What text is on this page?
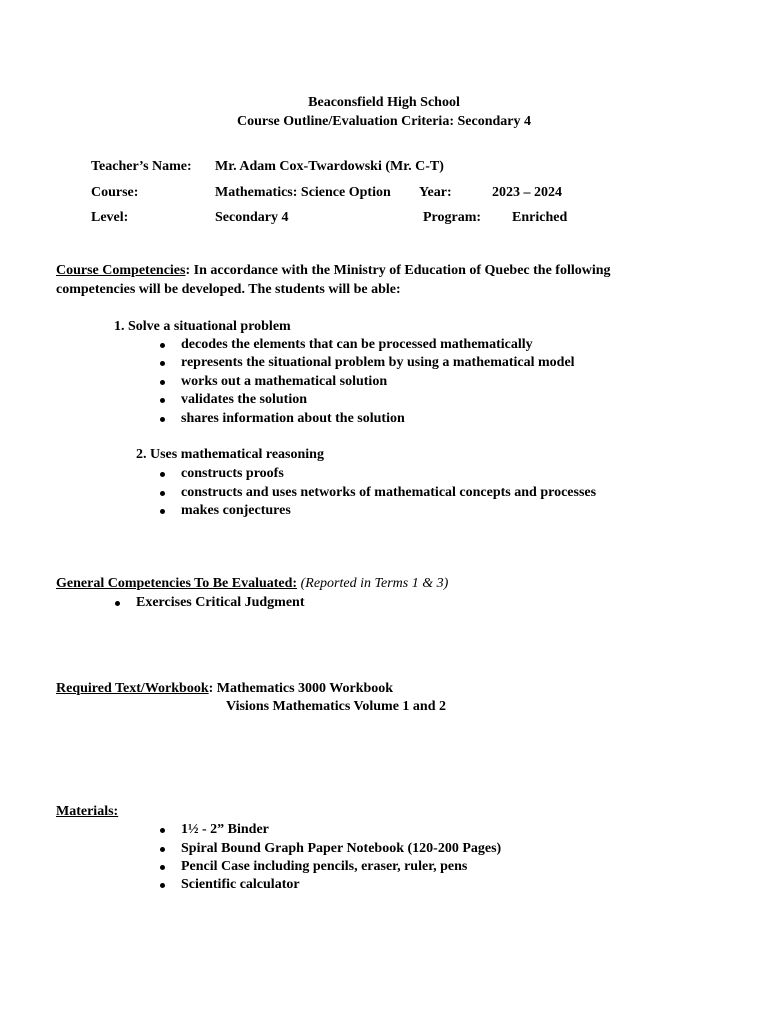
Beaconsfield High School
Course Outline/Evaluation Criteria: Secondary 4
Teacher’s Name: Mr. Adam Cox-Twardowski (Mr. C-T)
Course:	Mathematics: Science Option Year:	2023 – 2024
Level:	Secondary 4	Program: Enriched
Course Competencies: In accordance with the Ministry of Education of Quebec the following
competencies will be developed. The students will be able:
1. Solve a situational problem
decodes the elements that can be processed mathematically
represents the situational problem by using a mathematical model
works out a mathematical solution
validates the solution
shares information about the solution
2. Uses mathematical reasoning
constructs proofs
constructs and uses networks of mathematical concepts and processes
makes conjectures
General Competencies To Be Evaluated: (Reported in Terms 1 & 3)
Exercises Critical Judgment
Required Text/Workbook: Mathematics 3000 Workbook
Visions Mathematics Volume 1 and 2
Materials:
1½ - 2” Binder
Spiral Bound Graph Paper Notebook (120-200 Pages)
Pencil Case including pencils, eraser, ruler, pens
Scientific calculator
